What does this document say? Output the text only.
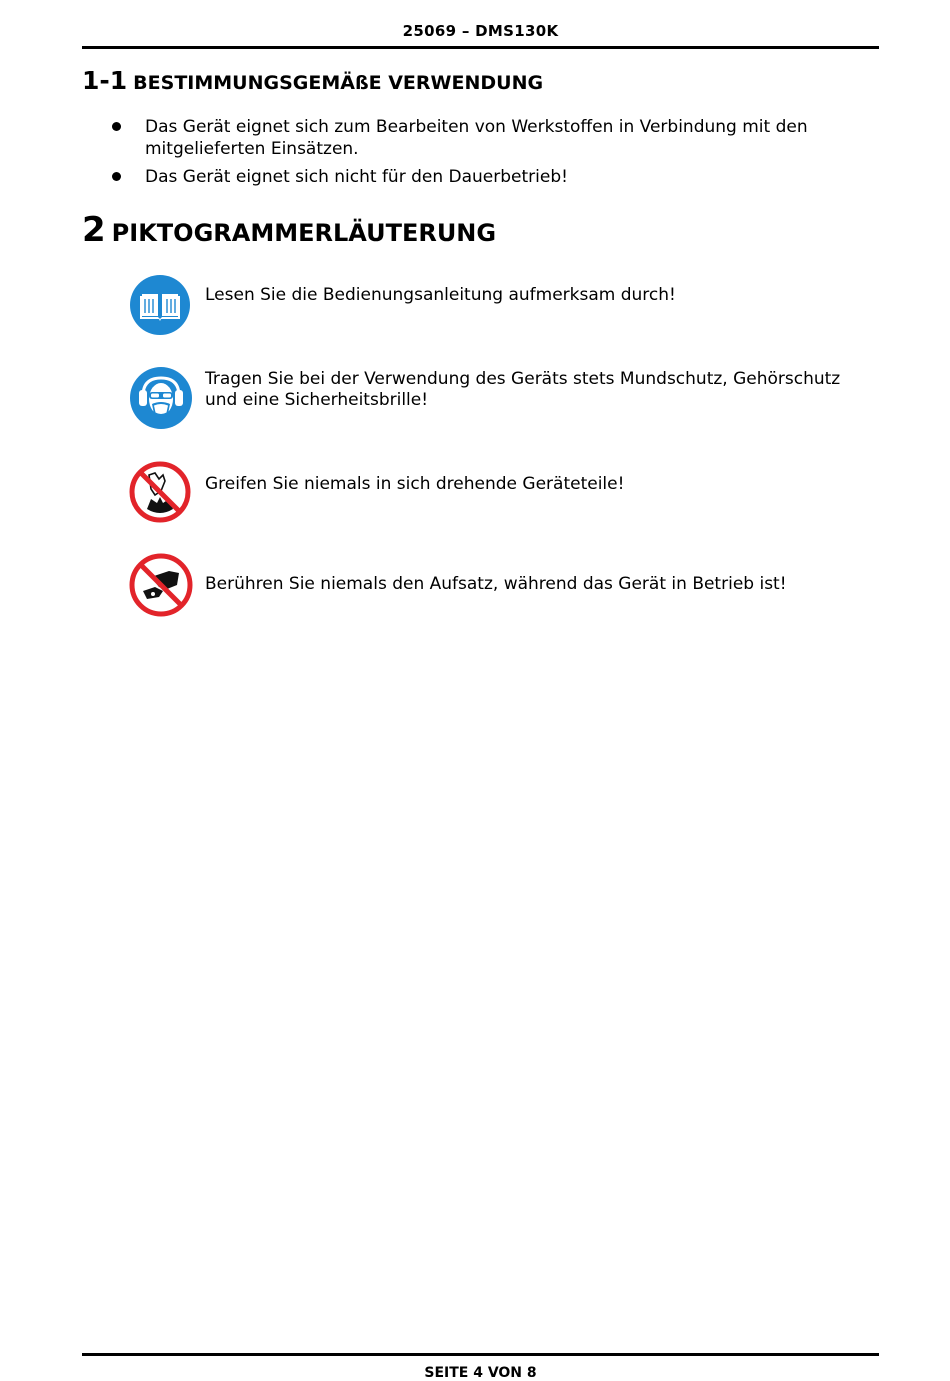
25069 – DMS130K
1-1 BESTIMMUNGSGEMÄßE VERWENDUNG
Das Gerät eignet sich zum Bearbeiten von Werkstoffen in Verbindung mit den mitgelieferten Einsätzen.
Das Gerät eignet sich nicht für den Dauerbetrieb!
2 PIKTOGRAMMERLÄUTERUNG
Lesen Sie die Bedienungsanleitung aufmerksam durch!
Tragen Sie bei der Verwendung des Geräts stets Mundschutz, Gehörschutz und eine Sicherheitsbrille!
Greifen Sie niemals in sich drehende Geräteteile!
Berühren Sie niemals den Aufsatz, während das Gerät in Betrieb ist!
SEITE 4 VON 8
